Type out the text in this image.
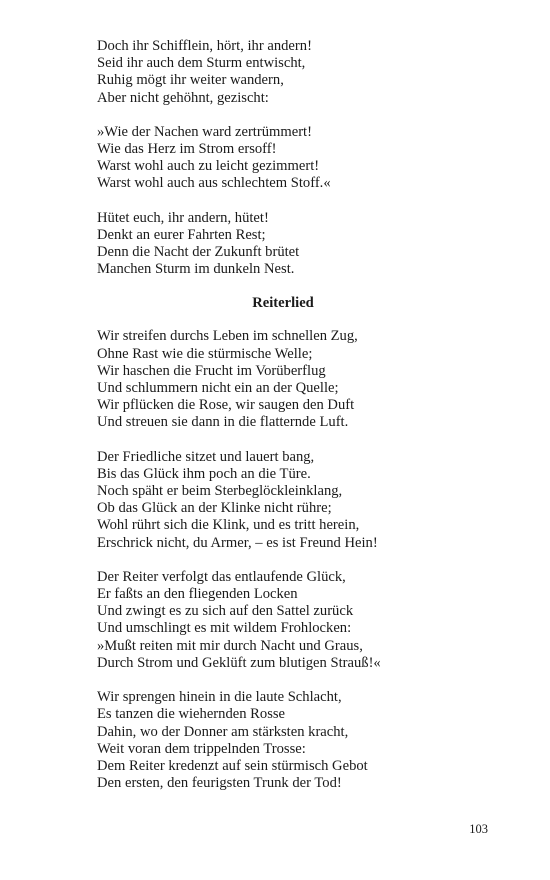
Doch ihr Schifflein, hört, ihr andern!
Seid ihr auch dem Sturm entwischt,
Ruhig mögt ihr weiter wandern,
Aber nicht gehöhnt, gezischt:
»Wie der Nachen ward zertrümmert!
Wie das Herz im Strom ersoff!
Warst wohl auch zu leicht gezimmert!
Warst wohl auch aus schlechtem Stoff.«
Hütet euch, ihr andern, hütet!
Denkt an eurer Fahrten Rest;
Denn die Nacht der Zukunft brütet
Manchen Sturm im dunkeln Nest.
Reiterlied
Wir streifen durchs Leben im schnellen Zug,
Ohne Rast wie die stürmische Welle;
Wir haschen die Frucht im Vorüberflug
Und schlummern nicht ein an der Quelle;
Wir pflücken die Rose, wir saugen den Duft
Und streuen sie dann in die flatternde Luft.
Der Friedliche sitzet und lauert bang,
Bis das Glück ihm poch an die Türe.
Noch späht er beim Sterbeglöckleinklang,
Ob das Glück an der Klinke nicht rühre;
Wohl rührt sich die Klink, und es tritt herein,
Erschrick nicht, du Armer, – es ist Freund Hein!
Der Reiter verfolgt das entlaufende Glück,
Er faßts an den fliegenden Locken
Und zwingt es zu sich auf den Sattel zurück
Und umschlingt es mit wildem Frohlocken:
»Mußt reiten mit mir durch Nacht und Graus,
Durch Strom und Geklüft zum blutigen Strauß!«
Wir sprengen hinein in die laute Schlacht,
Es tanzen die wiehernden Rosse
Dahin, wo der Donner am stärksten kracht,
Weit voran dem trippelnden Trosse:
Dem Reiter kredenzt auf sein stürmisch Gebot
Den ersten, den feurigsten Trunk der Tod!
103
